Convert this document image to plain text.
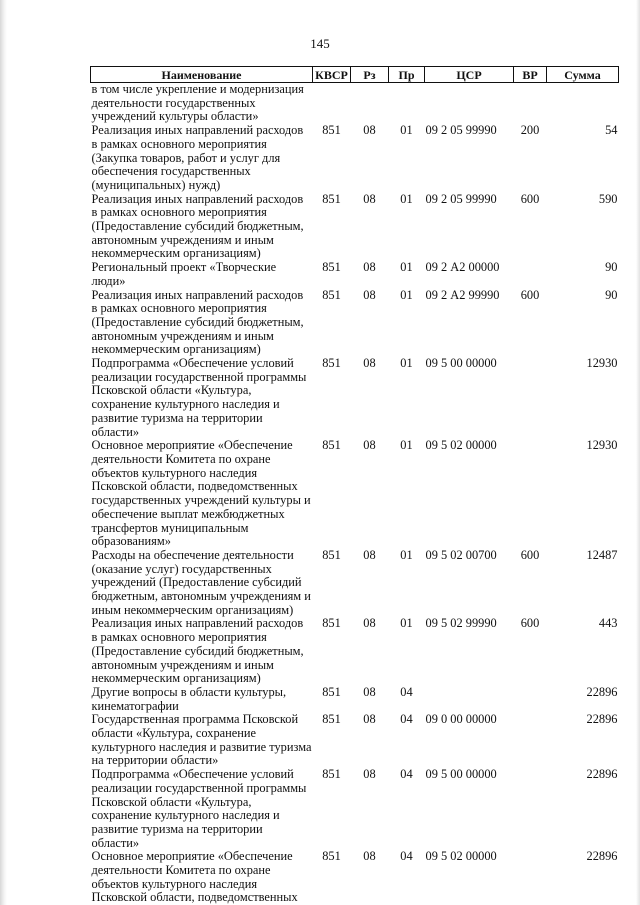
145
Наименование	КВСР	Рз	Пр	ЦСР	ВР	Сумма
в том числе укрепление и модернизация деятельности государственных учреждений культуры области»						
Реализация иных направлений расходов в рамках основного мероприятия (Закупка товаров, работ и услуг для обеспечения государственных (муниципальных) нужд)	851	08	01	09 2 05 99990	200	54
Реализация иных направлений расходов в рамках основного мероприятия (Предоставление субсидий бюджетным, автономным учреждениям и иным некоммерческим организациям)	851	08	01	09 2 05 99990	600	590
Региональный проект «Творческие люди»	851	08	01	09 2 А2 00000		90
Реализация иных направлений расходов в рамках основного мероприятия (Предоставление субсидий бюджетным, автономным учреждениям и иным некоммерческим организациям)	851	08	01	09 2 А2 99990	600	90
Подпрограмма «Обеспечение условий реализации государственной программы Псковской области «Культура, сохранение культурного наследия и развитие туризма на территории области»	851	08	01	09 5 00 00000		12930
Основное мероприятие «Обеспечение деятельности Комитета по охране объектов культурного наследия Псковской области, подведомственных государственных учреждений культуры и обеспечение выплат межбюджетных трансфертов муниципальным образованиям»	851	08	01	09 5 02 00000		12930
Расходы на обеспечение деятельности (оказание услуг) государственных учреждений (Предоставление субсидий бюджетным, автономным учреждениям и иным некоммерческим организациям)	851	08	01	09 5 02 00700	600	12487
Реализация иных направлений расходов в рамках основного мероприятия (Предоставление субсидий бюджетным, автономным учреждениям и иным некоммерческим организациям)	851	08	01	09 5 02 99990	600	443
Другие вопросы в области культуры, кинематографии	851	08	04			22896
Государственная программа Псковской области «Культура, сохранение культурного наследия и развитие туризма на территории области»	851	08	04	09 0 00 00000		22896
Подпрограмма «Обеспечение условий реализации государственной программы Псковской области «Культура, сохранение культурного наследия и развитие туризма на территории области»	851	08	04	09 5 00 00000		22896
Основное мероприятие «Обеспечение деятельности Комитета по охране объектов культурного наследия Псковской области, подведомственных	851	08	04	09 5 02 00000		22896
